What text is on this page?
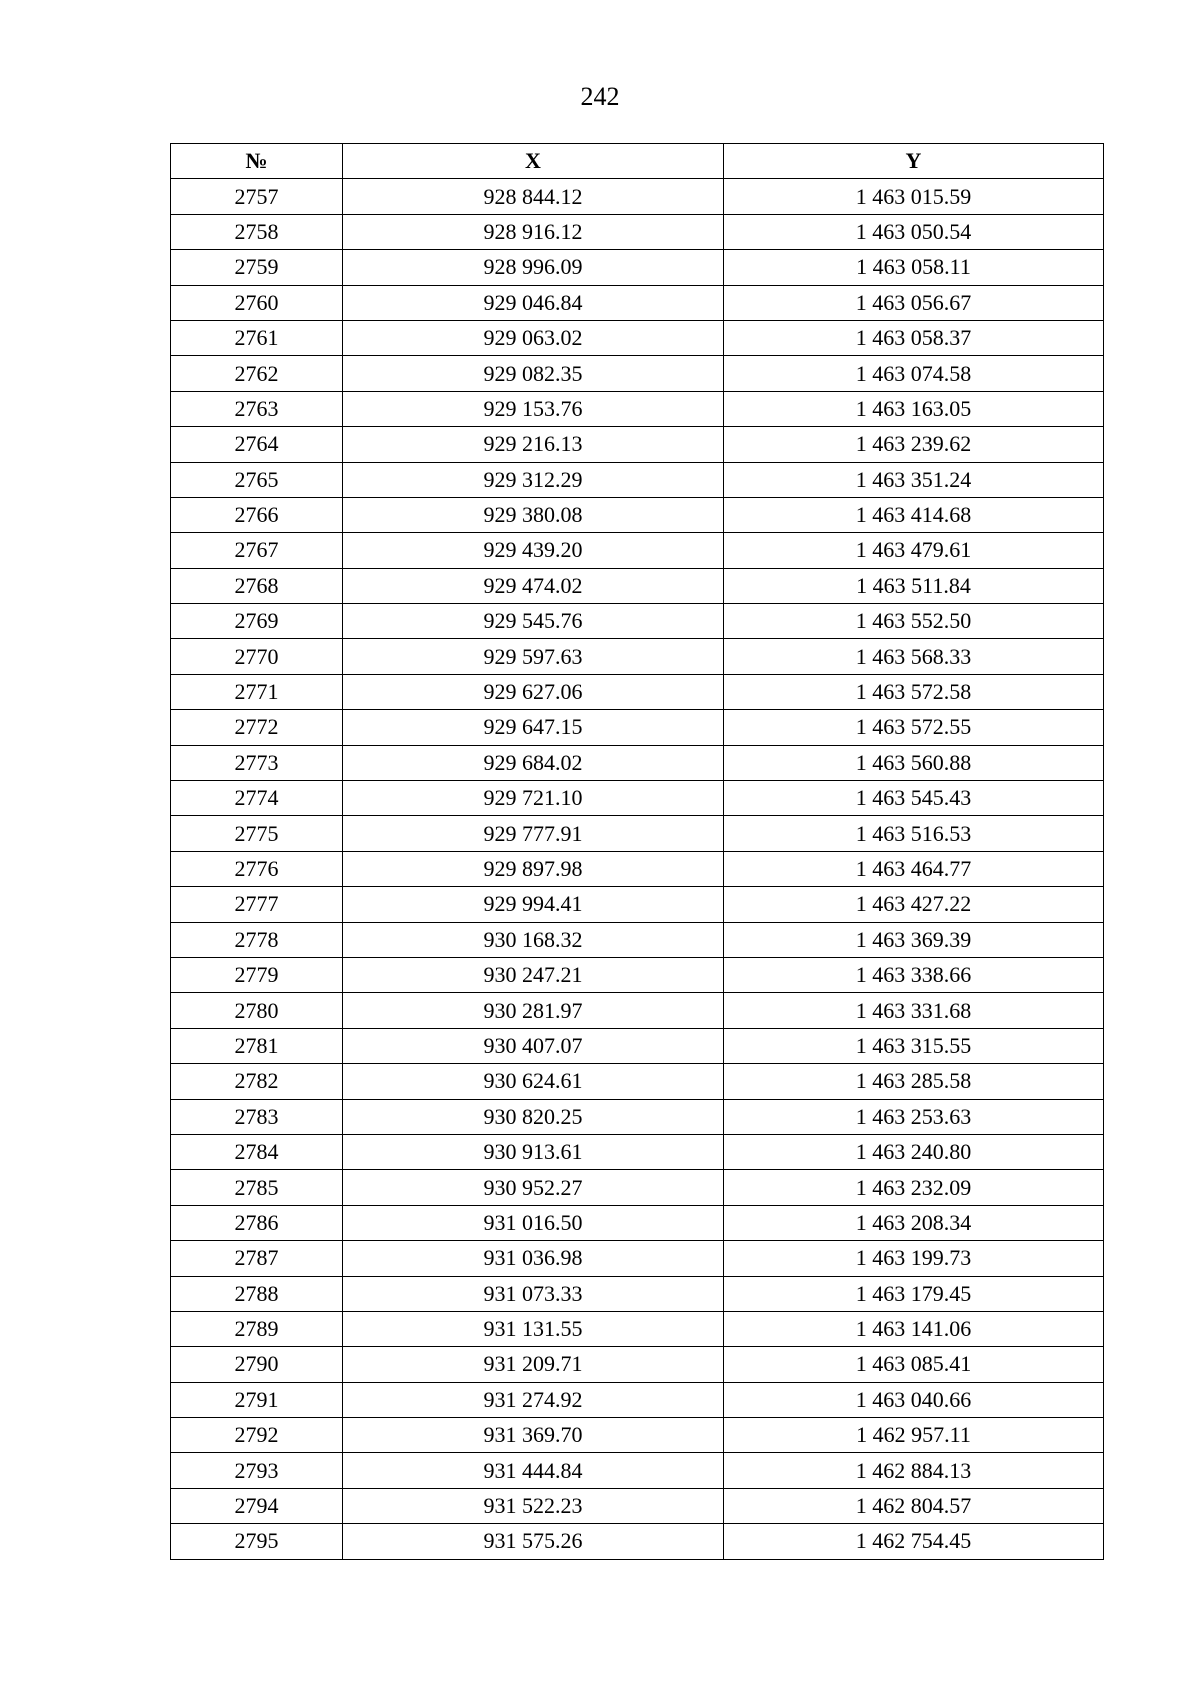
242
№	X	Y
2757	928 844.12	1 463 015.59
2758	928 916.12	1 463 050.54
2759	928 996.09	1 463 058.11
2760	929 046.84	1 463 056.67
2761	929 063.02	1 463 058.37
2762	929 082.35	1 463 074.58
2763	929 153.76	1 463 163.05
2764	929 216.13	1 463 239.62
2765	929 312.29	1 463 351.24
2766	929 380.08	1 463 414.68
2767	929 439.20	1 463 479.61
2768	929 474.02	1 463 511.84
2769	929 545.76	1 463 552.50
2770	929 597.63	1 463 568.33
2771	929 627.06	1 463 572.58
2772	929 647.15	1 463 572.55
2773	929 684.02	1 463 560.88
2774	929 721.10	1 463 545.43
2775	929 777.91	1 463 516.53
2776	929 897.98	1 463 464.77
2777	929 994.41	1 463 427.22
2778	930 168.32	1 463 369.39
2779	930 247.21	1 463 338.66
2780	930 281.97	1 463 331.68
2781	930 407.07	1 463 315.55
2782	930 624.61	1 463 285.58
2783	930 820.25	1 463 253.63
2784	930 913.61	1 463 240.80
2785	930 952.27	1 463 232.09
2786	931 016.50	1 463 208.34
2787	931 036.98	1 463 199.73
2788	931 073.33	1 463 179.45
2789	931 131.55	1 463 141.06
2790	931 209.71	1 463 085.41
2791	931 274.92	1 463 040.66
2792	931 369.70	1 462 957.11
2793	931 444.84	1 462 884.13
2794	931 522.23	1 462 804.57
2795	931 575.26	1 462 754.45
